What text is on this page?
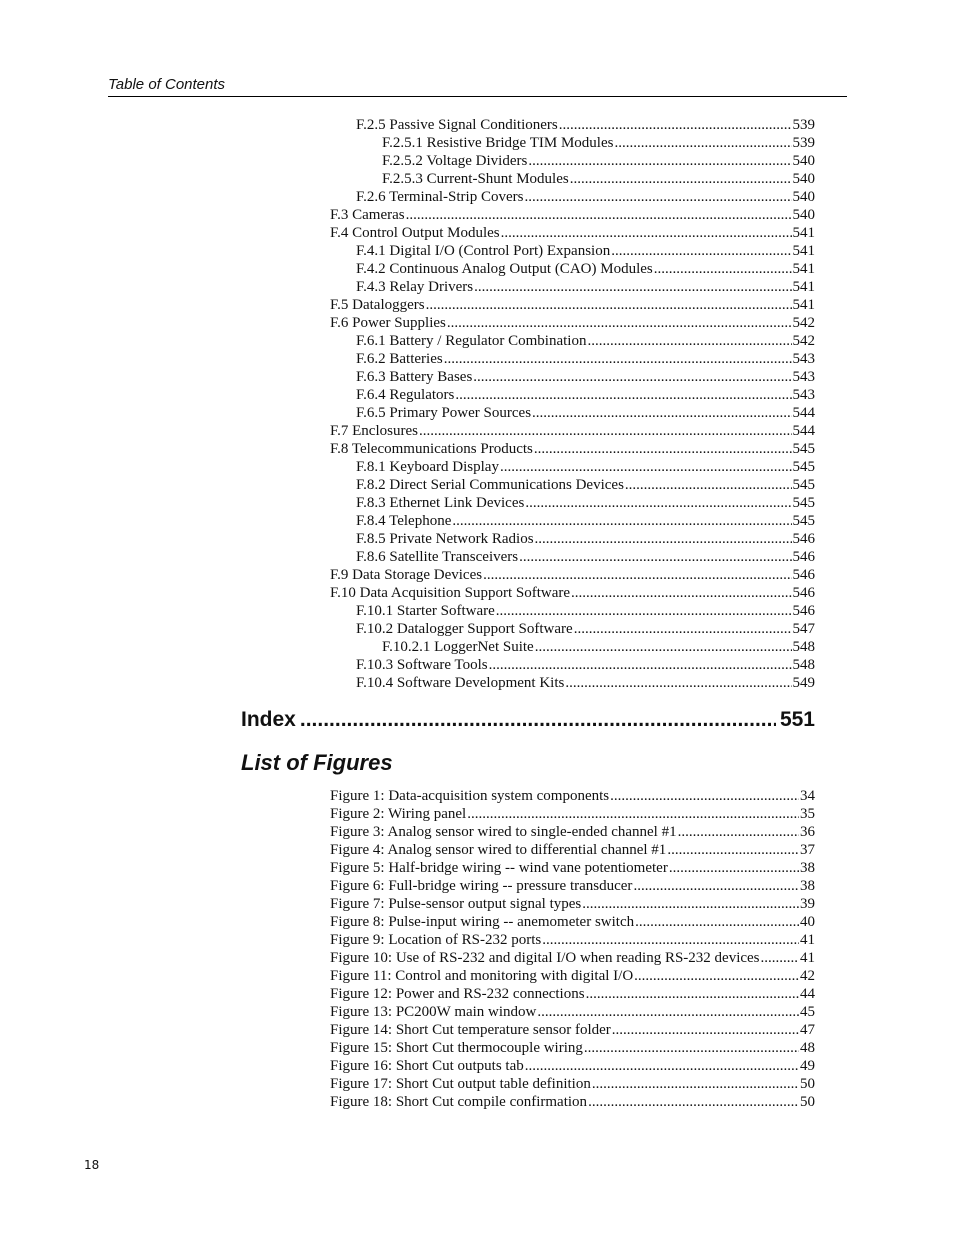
Table of Contents
Index .....	551
List of Figures
18
F.2.5 Passive Signal Conditioners .....	539
F.2.5.1 Resistive Bridge TIM Modules .....	539
F.2.5.2 Voltage Dividers .....	540
F.2.5.3 Current-Shunt Modules .....	540
F.2.6 Terminal-Strip Covers .....	540
F.3 Cameras .....	540
F.4 Control Output Modules .....	541
F.4.1 Digital I/O (Control Port) Expansion .....	541
F.4.2 Continuous Analog Output (CAO) Modules .....	541
F.4.3 Relay Drivers .....	541
F.5 Dataloggers .....	541
F.6 Power Supplies .....	542
F.6.1 Battery / Regulator Combination .....	542
F.6.2 Batteries .....	543
F.6.3 Battery Bases .....	543
F.6.4 Regulators .....	543
F.6.5 Primary Power Sources .....	544
F.7 Enclosures .....	544
F.8 Telecommunications Products .....	545
F.8.1 Keyboard Display .....	545
F.8.2 Direct Serial Communications Devices .....	545
F.8.3 Ethernet Link Devices .....	545
F.8.4 Telephone .....	545
F.8.5 Private Network Radios .....	546
F.8.6 Satellite Transceivers .....	546
F.9 Data Storage Devices .....	546
F.10 Data Acquisition Support Software .....	546
F.10.1 Starter Software .....	546
F.10.2 Datalogger Support Software .....	547
F.10.2.1 LoggerNet Suite .....	548
F.10.3 Software Tools .....	548
F.10.4 Software Development Kits .....	549
Figure 1: Data-acquisition system components .....	34
Figure 2: Wiring panel .....	35
Figure 3: Analog sensor wired to single-ended channel #1 .....	36
Figure 4: Analog sensor wired to differential channel #1 .....	37
Figure 5: Half-bridge wiring -- wind vane potentiometer .....	38
Figure 6: Full-bridge wiring -- pressure transducer .....	38
Figure 7: Pulse-sensor output signal types .....	39
Figure 8: Pulse-input wiring -- anemometer switch .....	40
Figure 9: Location of RS-232 ports .....	41
Figure 10: Use of RS-232 and digital I/O when reading RS-232 devices .....	41
Figure 11: Control and monitoring with digital I/O .....	42
Figure 12: Power and RS-232 connections .....	44
Figure 13: PC200W main window .....	45
Figure 14: Short Cut temperature sensor folder .....	47
Figure 15: Short Cut thermocouple wiring .....	48
Figure 16: Short Cut outputs tab .....	49
Figure 17: Short Cut output table definition .....	50
Figure 18: Short Cut compile confirmation .....	50
